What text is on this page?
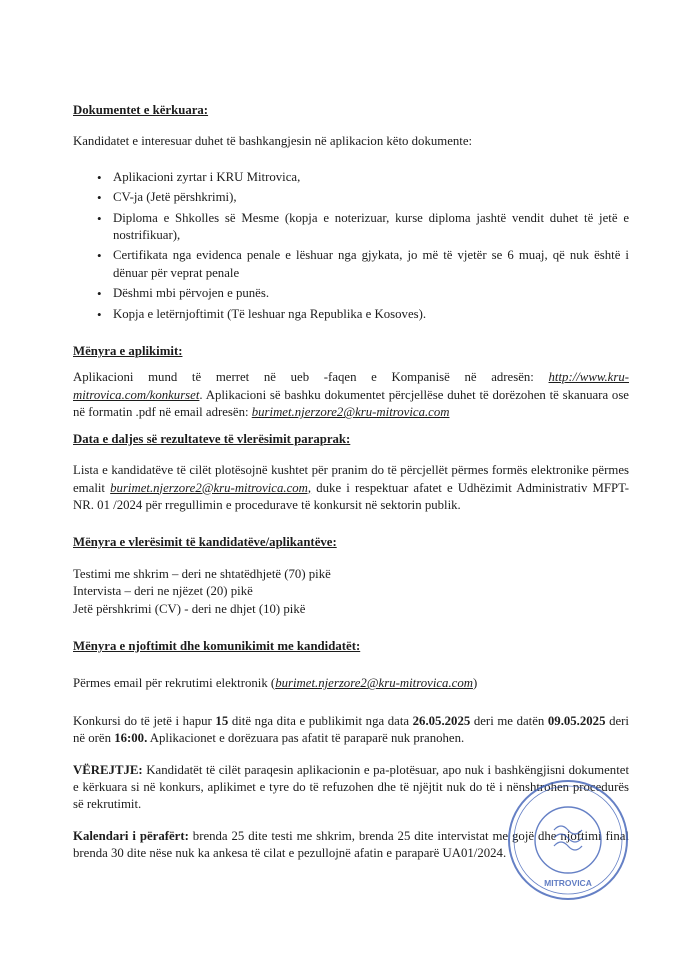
Dokumentet e kërkuara:

Kandidatet e interesuar duhet të bashkangjesin në aplikacion këto dokumente:

• Aplikacioni zyrtar i KRU Mitrovica,
• CV-ja (Jetë përshkrimi),
• Diploma e Shkolles së Mesme (kopja e noterizuar, kurse diploma jashtë vendit duhet të jetë e nostrifikuar),
• Certifikata nga evidenca penale e lëshuar nga gjykata, jo më të vjetër se 6 muaj, që nuk është i dënuar për veprat penale
• Dëshmi mbi përvojen e punës.
• Kopja e letërnjoftimit (Të leshuar nga Republika e Kosoves).

Mënyra e aplikimit:

Aplikacioni mund të merret në ueb -faqen e Kompanisë në adresën: http://www.kru-mitrovica.com/konkurset. Aplikacioni së bashku dokumentet përcjellëse duhet të dorëzohen të skanuara ose në formatin .pdf në email adresën: burimet.njerzore2@kru-mitrovica.com

Data e daljes së rezultateve të vlerësimit paraprak:

Lista e kandidatëve të cilët plotësojnë kushtet për pranim do të përcjellët përmes formës elektronike përmes emalit burimet.njerzore2@kru-mitrovica.com, duke i respektuar afatet e Udhëzimit Administrativ MFPT-NR. 01 /2024 për rregullimin e procedurave të konkursit në sektorin publik.

Mënyra e vlerësimit të kandidatëve/aplikantëve:

Testimi me shkrim – deri ne shtatëdhjetë (70) pikë

Intervista – deri ne njëzet (20) pikë

Jetë përshkrimi (CV) - deri ne dhjet (10) pikë

Mënyra e njoftimit dhe komunikimit me kandidatët:

Përmes email për rekrutimi elektronik (burimet.njerzore2@kru-mitrovica.com)

Konkursi do të jetë i hapur 15 ditë nga dita e publikimit nga data 26.05.2025 deri me datën 09.05.2025 deri në orën 16:00. Aplikacionet e dorëzuara pas afatit të paraparë nuk pranohen.

VËREJTJE: Kandidatët të cilët paraqesin aplikacionin e pa-plotësuar, apo nuk i bashkëngjisni dokumentet e kërkuara si në konkurs, aplikimet e tyre do të refuzohen dhe të njëjtit nuk do të i nënshtrohen procedurës së rekrutimit.

Kalendari i përafërt: brenda 25 dite testi me shkrim, brenda 25 dite intervistat me gojë dhe njoftimi final brenda 30 dite nëse nuk ka ankesa të cilat e pezullojnë afatin e paraparë UA01/2024.

MITROVICA
